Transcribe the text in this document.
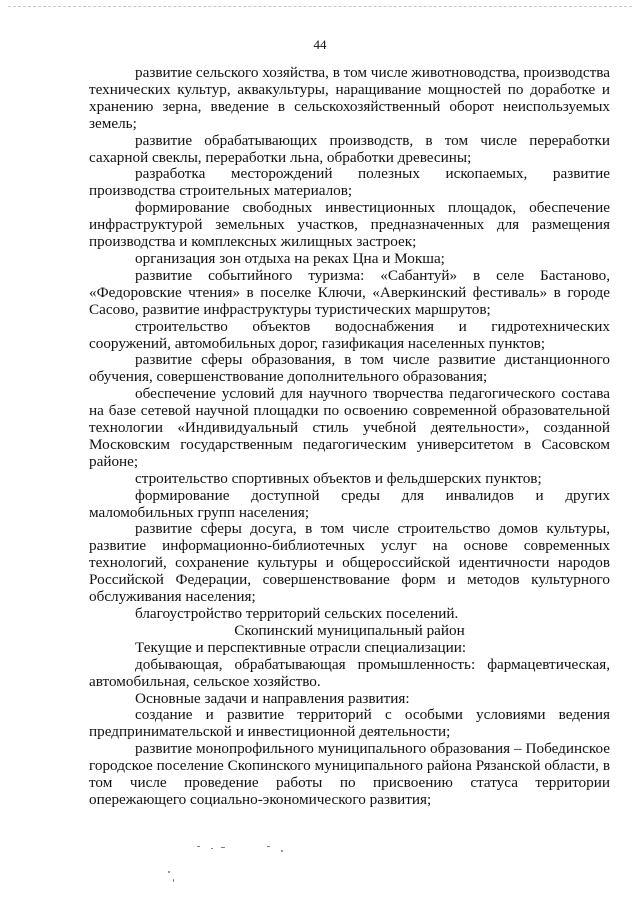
44

развитие сельского хозяйства, в том числе животноводства, производства технических культур, аквакультуры, наращивание мощностей по доработке и хранению зерна, введение в сельскохозяйственный оборот неиспользуемых земель;

развитие обрабатывающих производств, в том числе переработки сахарной свеклы, переработки льна, обработки древесины;

разработка месторождений полезных ископаемых, развитие производства строительных материалов;

формирование свободных инвестиционных площадок, обеспечение инфраструктурой земельных участков, предназначенных для размещения производства и комплексных жилищных застроек;

организация зон отдыха на реках Цна и Мокша;

развитие событийного туризма: «Сабантуй» в селе Бастаново, «Федоровские чтения» в поселке Ключи, «Аверкинский фестиваль» в городе Сасово, развитие инфраструктуры туристических маршрутов;

строительство объектов водоснабжения и гидротехнических сооружений, автомобильных дорог, газификация населенных пунктов;

развитие сферы образования, в том числе развитие дистанционного обучения, совершенствование дополнительного образования;

обеспечение условий для научного творчества педагогического состава на базе сетевой научной площадки по освоению современной образовательной технологии «Индивидуальный стиль учебной деятельности», созданной Московским государственным педагогическим университетом в Сасовском районе;

строительство спортивных объектов и фельдшерских пунктов;

формирование доступной среды для инвалидов и других маломобильных групп населения;

развитие сферы досуга, в том числе строительство домов культуры, развитие информационно-библиотечных услуг на основе современных технологий, сохранение культуры и общероссийской идентичности народов Российской Федерации, совершенствование форм и методов культурного обслуживания населения;

благоустройство территорий сельских поселений.

Скопинский муниципальный район

Текущие и перспективные отрасли специализации:

добывающая, обрабатывающая промышленность: фармацевтическая, автомобильная, сельское хозяйство.

Основные задачи и направления развития:

создание и развитие территорий с особыми условиями ведения предпринимательской и инвестиционной деятельности;

развитие монопрофильного муниципального образования – Побединское городское поселение Скопинского муниципального района Рязанской области, в том числе проведение работы по присвоению статуса территории опережающего социально-экономического развития;
